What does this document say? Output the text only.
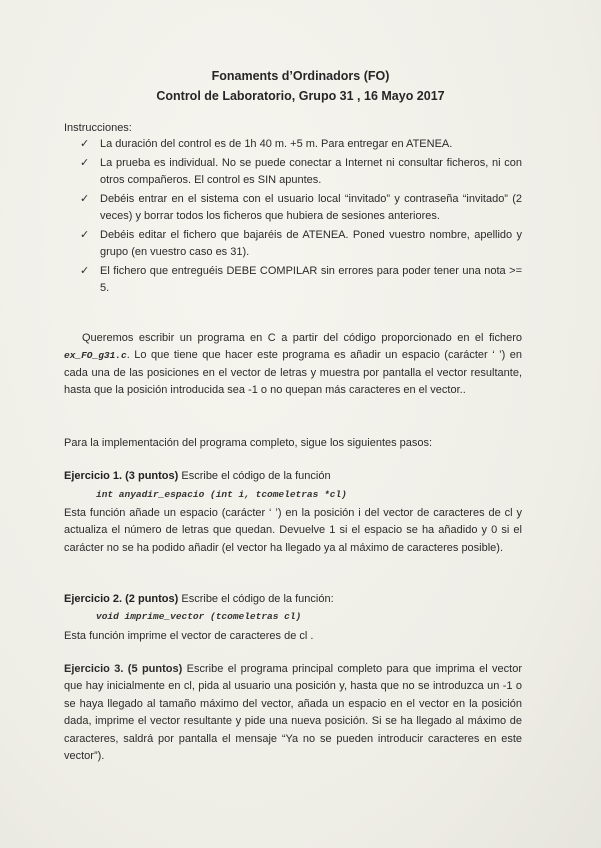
Fonaments d’Ordinadors (FO)
Control de Laboratorio, Grupo 31 , 16 Mayo 2017
Instrucciones:
✓ La duración del control es de 1h 40 m. +5 m. Para entregar en ATENEA.
✓ La prueba es individual. No se puede conectar a Internet ni consultar ficheros, ni con otros compañeros. El control es SIN apuntes.
✓ Debéis entrar en el sistema con el usuario local “invitado” y contraseña “invitado” (2 veces) y borrar todos los ficheros que hubiera de sesiones anteriores.
✓ Debéis editar el fichero que bajaréis de ATENEA. Poned vuestro nombre, apellido y grupo (en vuestro caso es 31).
✓ El fichero que entreguéis DEBE COMPILAR sin errores para poder tener una nota >= 5.
Queremos escribir un programa en C a partir del código proporcionado en el fichero ex_FO_g31.c. Lo que tiene que hacer este programa es añadir un espacio (carácter ‘ ’) en cada una de las posiciones en el vector de letras y muestra por pantalla el vector resultante, hasta que la posición introducida sea -1 o no quepan más caracteres en el vector..
Para la implementación del programa completo, sigue los siguientes pasos:
Ejercicio 1. (3 puntos) Escribe el código de la función
int anyadir_espacio (int i, tcomeletras *cl)
Esta función añade un espacio (carácter ‘ ’) en la posición i del vector de caracteres de cl y actualiza el número de letras que quedan. Devuelve 1 si el espacio se ha añadido y 0 si el carácter no se ha podido añadir (el vector ha llegado ya al máximo de caracteres posible).
Ejercicio 2. (2 puntos) Escribe el código de la función:
void imprime_vector (tcomeletras cl)
Esta función imprime el vector de caracteres de cl .
Ejercicio 3. (5 puntos) Escribe el programa principal completo para que imprima el vector que hay inicialmente en cl, pida al usuario una posición y, hasta que no se introduzca un -1 o se haya llegado al tamaño máximo del vector, añada un espacio en el vector en la posición dada, imprime el vector resultante y pide una nueva posición. Si se ha llegado al máximo de caracteres, saldrá por pantalla el mensaje “Ya no se pueden introducir caracteres en este vector”).
